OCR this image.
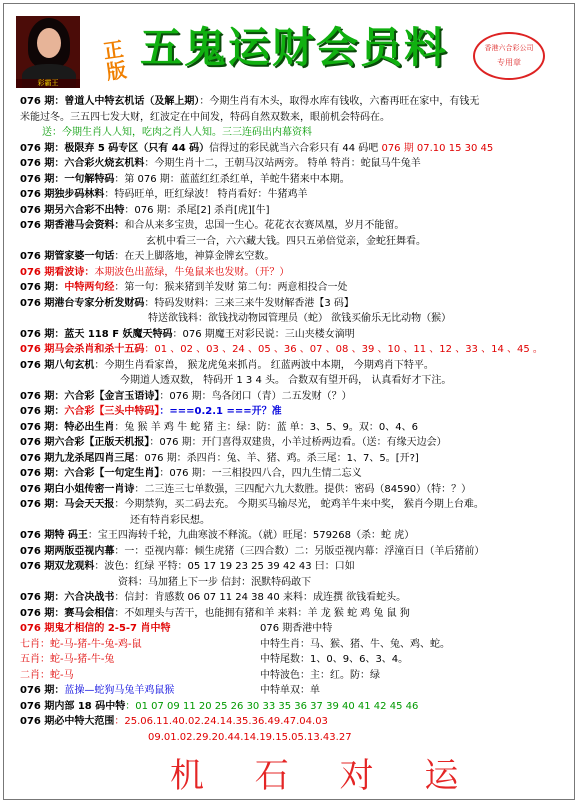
彩霸王
正版 五鬼运财会员料	香港六合彩公司
专用章
076 期：曾道人中特玄机话（及解上期）：今期生肖有木头，取得水库有钱收，六畜再旺在家中，有钱无
米能过冬。三五四七发大财，红波定在中间发，特码自然双数来，眼前机会特码在。
送：今期生肖人人知，吃肉之肖人人知。三三连码出内幕资料
076 期：极限弃 5 码专区（只有 44 码）信得过的彩民就当六合彩只有 44 码吧 076 期 07.10 15 30 45
076 期：六合彩火烧玄机料：今期生肖十二，王朝马汉站两旁。 特单 特肖：蛇鼠马牛兔羊
076 期：一句解特码：第 076 期：蓝蓝红红杀红单，羊蛇牛猪来中本期。
076 期独步码林料：特码旺单，旺红绿波！ 特肖看好：牛猪鸡羊
076 期另六合彩不出特：076 期：杀尾[2] 杀肖[虎][牛]
076 期香港马会资料：和合从来多宝贵，忠国一生心。花花衣衣赛凤凰，岁月不能留。
玄机中看三一合，六六藏大钱。四只五弟倍觉亲，金蛇狂舞看。
076 期管家婆一句话：在天上脚落地，神算金牌玄空数。
076 期看波诗：本期波色出蓝绿，牛兔鼠来也发财。（开？）
076 期：中特两句经：第一句：猴来猪到羊发财 第二句：两意相投合一处
076 期港台专家分析发财码：特码发财料：三来三来牛发财解香港【3 码】
特送欲钱料：欲钱找动物园管理员（蛇） 欲钱买偷乐无比动物（猴）
076 期：蓝天 118 F 妖魔天特码：076 期魔王对彩民说：三山夹楼女滴明
076 期马会杀肖和杀十五码：01 、02 、03 、24 、05 、36 、07 、08 、39 、10 、11 、12 、33 、14 、45 。
076 期八句玄机：今期生肖看家兽， 猴龙虎兔来抓肖。 红蓝两波中本期， 今期鸡肖下特平。
今期道人透双数， 特码开 1 3 4 头。 合数双有望开码， 认真看好才下注。
076 期：六合彩【金言玉语诗】：076 期：鸟各闭口（青）二五发财（？）
076 期：六合彩【三头中特码】：===0.2.1 ===开？准
076 期：特必出生肖：兔 猴 羊 鸡 牛 蛇 猪 主：绿：防：蓝 单：3、5、9。双：0、4、6
076 期六合彩【正版天机报】：076 期：开门喜得双建贵，小羊过桥两边看。（送：有缘天边会）
076 期九龙杀尾四肖三尾：076 期：杀四肖：兔、羊、猪、鸡。杀三尾：1、7、5。[开?]
076 期：六合彩【一句定生肖】：076 期：一三相投四八合，四九生情二忘义
076 期白小姐传密一肖诗：二三连三七单数强，三四配六九大数胜。提供：密码（84590）（特：？）
076 期：马会天天报：今期禁狗，买二码去充。 今期买马输尽光， 蛇鸡羊牛来中奖， 猴肖今期上台难。
还有特肖彩民想。
076 期特 码王：宝王四海转千轮，九曲寒波不释流。（就）旺尾：579268（杀：蛇 虎）
076 期两版亞视内幕：一：亞视内幕：倾生虎猪（三四合数）二：另版亞视内幕：浮潼百日（羊后猪前）
076 期双龙观料：波色：红绿 平特：05 17 19 23 25 39 42 43 曰：口如
资料：马加猪上下一步 信封：泯默特码敢下
076 期：六合决战书：信封：肯感数 06 07 11 24 38 40 来料：成连撰 欲钱看蛇头。
076 期：赛马会相信：不如理头与苦干，也能拥有猪和羊 来料：羊 龙 猴 蛇 鸡 兔 鼠 狗
076 期鬼才相信的 2-5-7 肖中特	076 期香港中特
七肖：蛇-马-猪-牛-兔-鸡-鼠	中特生肖：马、猴、猪、牛、兔、鸡、蛇。
五肖：蛇-马-猪-牛-兔	中特尾数：1、0、9、6、3、4。
二肖：蛇-马	中特波色：主：红。防：绿
076 期：蓝操—蛇狗马兔羊鸡鼠猴	中特单双：单
076 期内部 18 码中特：01 07 09 11 20 25 26 30 33 35 36 37 39 40 41 42 45 46
076 期必中特大范围：25.06.11.40.02.24.14.35.36.49.47.04.03
09.01.02.29.20.44.14.19.15.05.13.43.27
机 石 对 运
